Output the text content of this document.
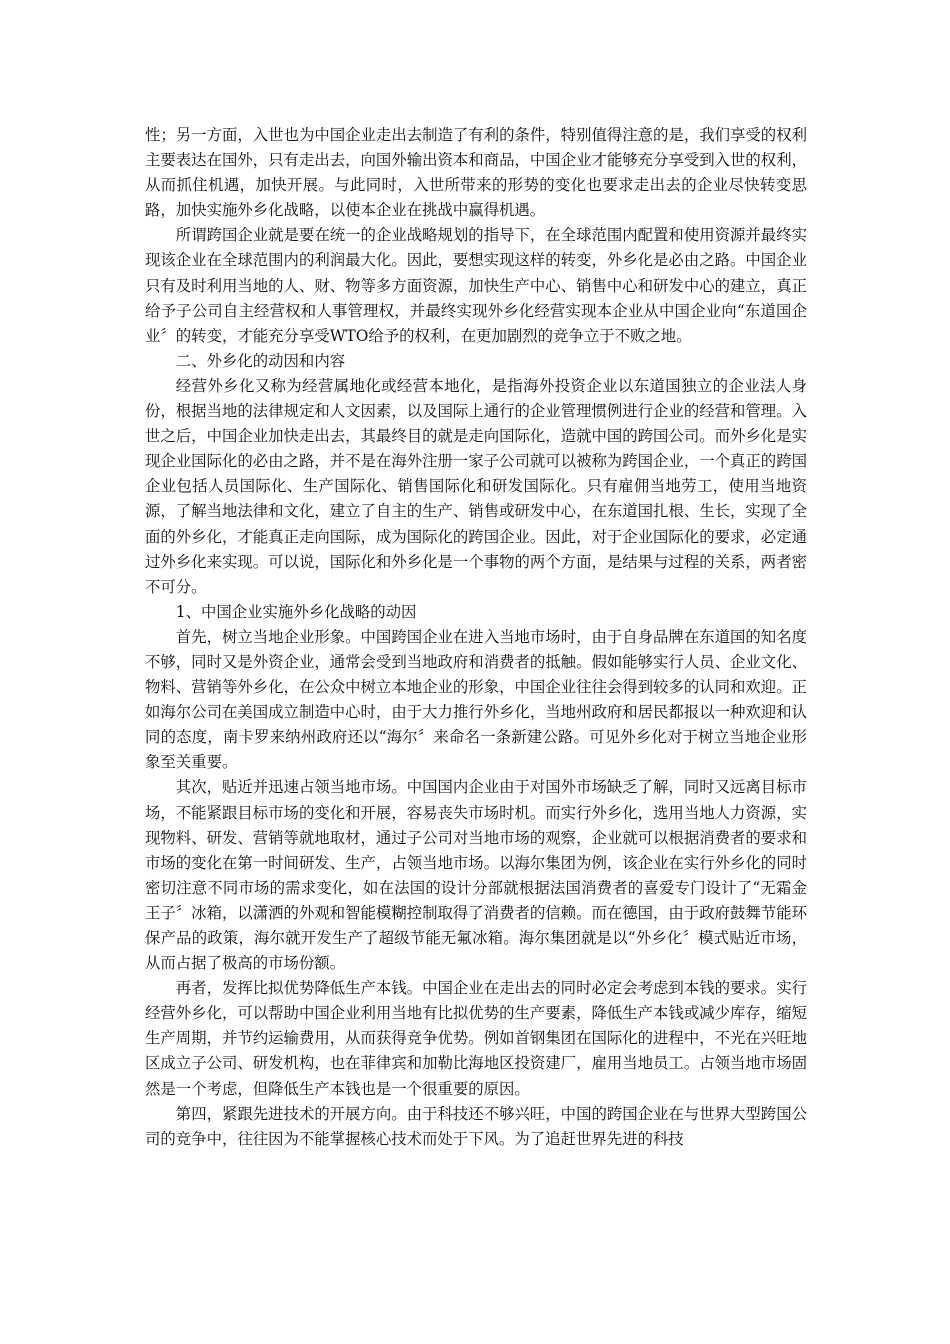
性；另一方面，入世也为中国企业走出去制造了有利的条件，特别值得注意的是，我们享受的权利主要表达在国外，只有走出去，向国外输出资本和商品，中国企业才能够充分享受到入世的权利，从而抓住机遇，加快开展。与此同时，入世所带来的形势的变化也要求走出去的企业尽快转变思路，加快实施外乡化战略，以使本企业在挑战中赢得机遇。

所谓跨国企业就是要在统一的企业战略规划的指导下，在全球范围内配置和使用资源并最终实现该企业在全球范围内的利润最大化。因此，要想实现这样的转变，外乡化是必由之路。中国企业只有及时利用当地的人、财、物等多方面资源，加快生产中心、销售中心和研发中心的建立，真正给予子公司自主经营权和人事管理权，并最终实现外乡化经营实现本企业从中国企业向“东道国企业〞的转变，才能充分享受WTO给予的权利，在更加剧烈的竞争立于不败之地。

二、外乡化的动因和内容

经营外乡化又称为经营属地化或经营本地化，是指海外投资企业以东道国独立的企业法人身份，根据当地的法律规定和人文因素，以及国际上通行的企业管理惯例进行企业的经营和管理。入世之后，中国企业加快走出去，其最终目的就是走向国际化，造就中国的跨国公司。而外乡化是实现企业国际化的必由之路，并不是在海外注册一家子公司就可以被称为跨国企业，一个真正的跨国企业包括人员国际化、生产国际化、销售国际化和研发国际化。只有雇佣当地劳工，使用当地资源，了解当地法律和文化，建立了自主的生产、销售或研发中心，在东道国扎根、生长，实现了全面的外乡化，才能真正走向国际，成为国际化的跨国企业。因此，对于企业国际化的要求，必定通过外乡化来实现。可以说，国际化和外乡化是一个事物的两个方面，是结果与过程的关系，两者密不可分。

1、中国企业实施外乡化战略的动因

首先，树立当地企业形象。中国跨国企业在进入当地市场时，由于自身品牌在东道国的知名度不够，同时又是外资企业，通常会受到当地政府和消费者的抵触。假如能够实行人员、企业文化、物料、营销等外乡化，在公众中树立本地企业的形象，中国企业往往会得到较多的认同和欢迎。正如海尔公司在美国成立制造中心时，由于大力推行外乡化，当地州政府和居民都报以一种欢迎和认同的态度，南卡罗来纳州政府还以“海尔〞来命名一条新建公路。可见外乡化对于树立当地企业形象至关重要。

其次，贴近并迅速占领当地市场。中国国内企业由于对国外市场缺乏了解，同时又远离目标市场，不能紧跟目标市场的变化和开展，容易丧失市场时机。而实行外乡化，选用当地人力资源，实现物料、研发、营销等就地取材，通过子公司对当地市场的观察，企业就可以根据消费者的要求和市场的变化在第一时间研发、生产，占领当地市场。以海尔集团为例，该企业在实行外乡化的同时密切注意不同市场的需求变化，如在法国的设计分部就根据法国消费者的喜爱专门设计了“无霜金王子〞冰箱，以潇洒的外观和智能模糊控制取得了消费者的信赖。而在德国，由于政府鼓舞节能环保产品的政策，海尔就开发生产了超级节能无氟冰箱。海尔集团就是以“外乡化〞模式贴近市场，从而占据了极高的市场份额。

再者，发挥比拟优势降低生产本钱。中国企业在走出去的同时必定会考虑到本钱的要求。实行经营外乡化，可以帮助中国企业利用当地有比拟优势的生产要素，降低生产本钱或减少库存，缩短生产周期，并节约运输费用，从而获得竞争优势。例如首钢集团在国际化的进程中，不光在兴旺地区成立子公司、研发机构，也在菲律宾和加勒比海地区投资建厂，雇用当地员工。占领当地市场固然是一个考虑，但降低生产本钱也是一个很重要的原因。

第四，紧跟先进技术的开展方向。由于科技还不够兴旺，中国的跨国企业在与世界大型跨国公司的竞争中，往往因为不能掌握核心技术而处于下风。为了追赶世界先进的科技
